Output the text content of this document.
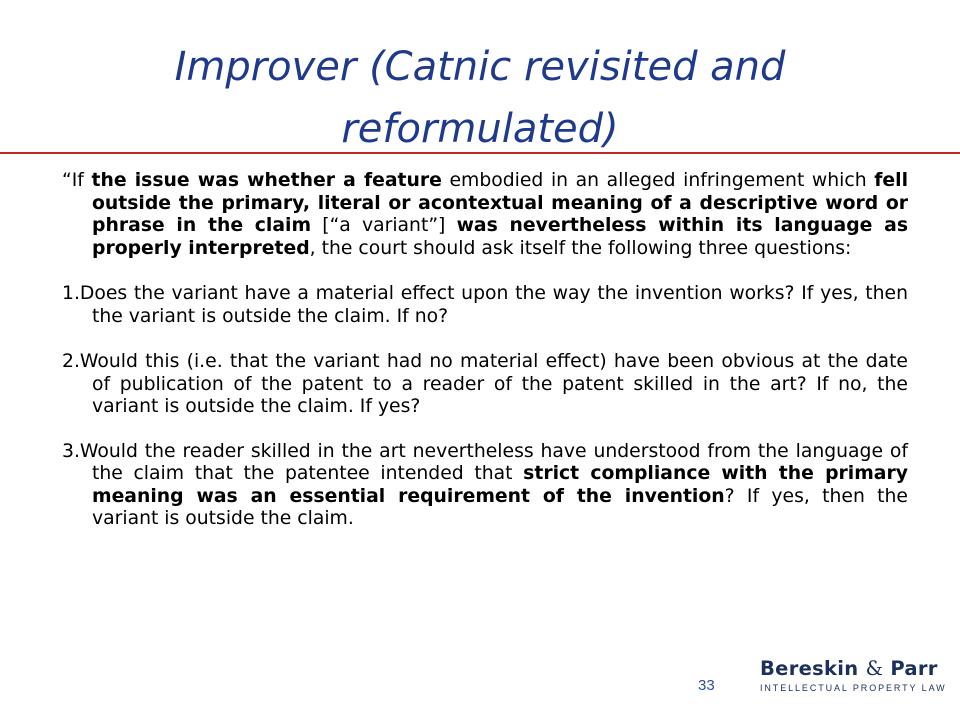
Improver (Catnic revisited and
reformulated)

“If the issue was whether a feature embodied in an alleged infringement which fell outside the primary, literal or acontextual meaning of a descriptive word or phrase in the claim [“a variant”] was nevertheless within its language as properly interpreted, the court should ask itself the following three questions:

1.Does the variant have a material effect upon the way the invention works? If yes, then the variant is outside the claim. If no?

2.Would this (i.e. that the variant had no material effect) have been obvious at the date of publication of the patent to a reader of the patent skilled in the art? If no, the variant is outside the claim. If yes?

3.Would the reader skilled in the art nevertheless have understood from the language of the claim that the patentee intended that strict compliance with the primary meaning was an essential requirement of the invention? If yes, then the variant is outside the claim.

33
Bereskin & Parr
INTELLECTUAL PROPERTY LAW
